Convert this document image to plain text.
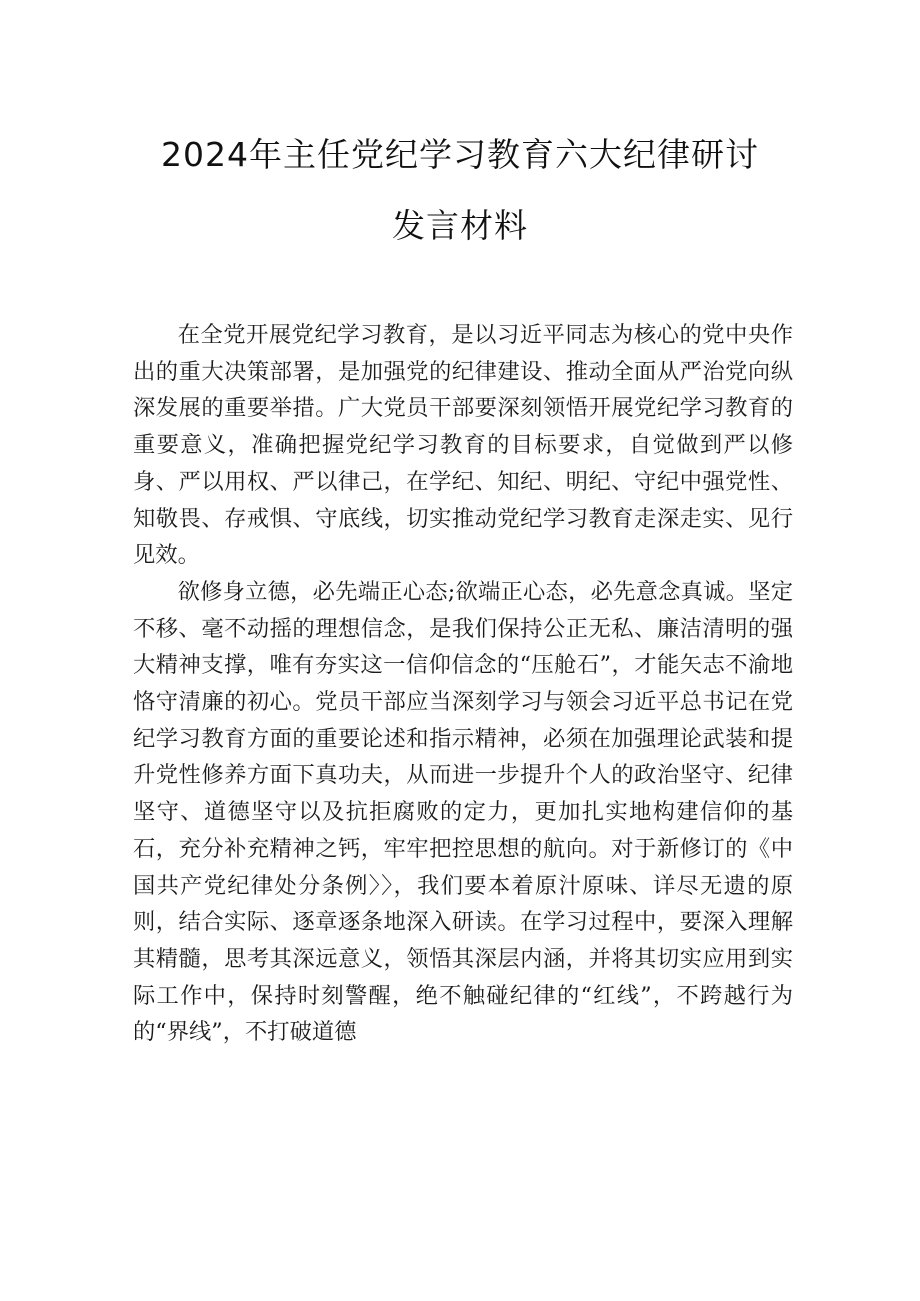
2024年主任党纪学习教育六大纪律研讨
发言材料

在全党开展党纪学习教育，是以习近平同志为核心的党中央作出的重大决策部署，是加强党的纪律建设、推动全面从严治党向纵深发展的重要举措。广大党员干部要深刻领悟开展党纪学习教育的重要意义，准确把握党纪学习教育的目标要求，自觉做到严以修身、严以用权、严以律己，在学纪、知纪、明纪、守纪中强党性、知敬畏、存戒惧、守底线，切实推动党纪学习教育走深走实、见行见效。

欲修身立德，必先端正心态;欲端正心态，必先意念真诚。坚定不移、毫不动摇的理想信念，是我们保持公正无私、廉洁清明的强大精神支撑，唯有夯实这一信仰信念的“压舱石”，才能矢志不渝地恪守清廉的初心。党员干部应当深刻学习与领会习近平总书记在党纪学习教育方面的重要论述和指示精神，必须在加强理论武装和提升党性修养方面下真功夫，从而进一步提升个人的政治坚守、纪律坚守、道德坚守以及抗拒腐败的定力，更加扎实地构建信仰的基石，充分补充精神之钙，牢牢把控思想的航向。对于新修订的《中国共产党纪律处分条例〉〉，我们要本着原汁原味、详尽无遗的原则，结合实际、逐章逐条地深入研读。在学习过程中，要深入理解其精髓，思考其深远意义，领悟其深层内涵，并将其切实应用到实际工作中，保持时刻警醒，绝不触碰纪律的“红线”，不跨越行为的“界线”，不打破道德
